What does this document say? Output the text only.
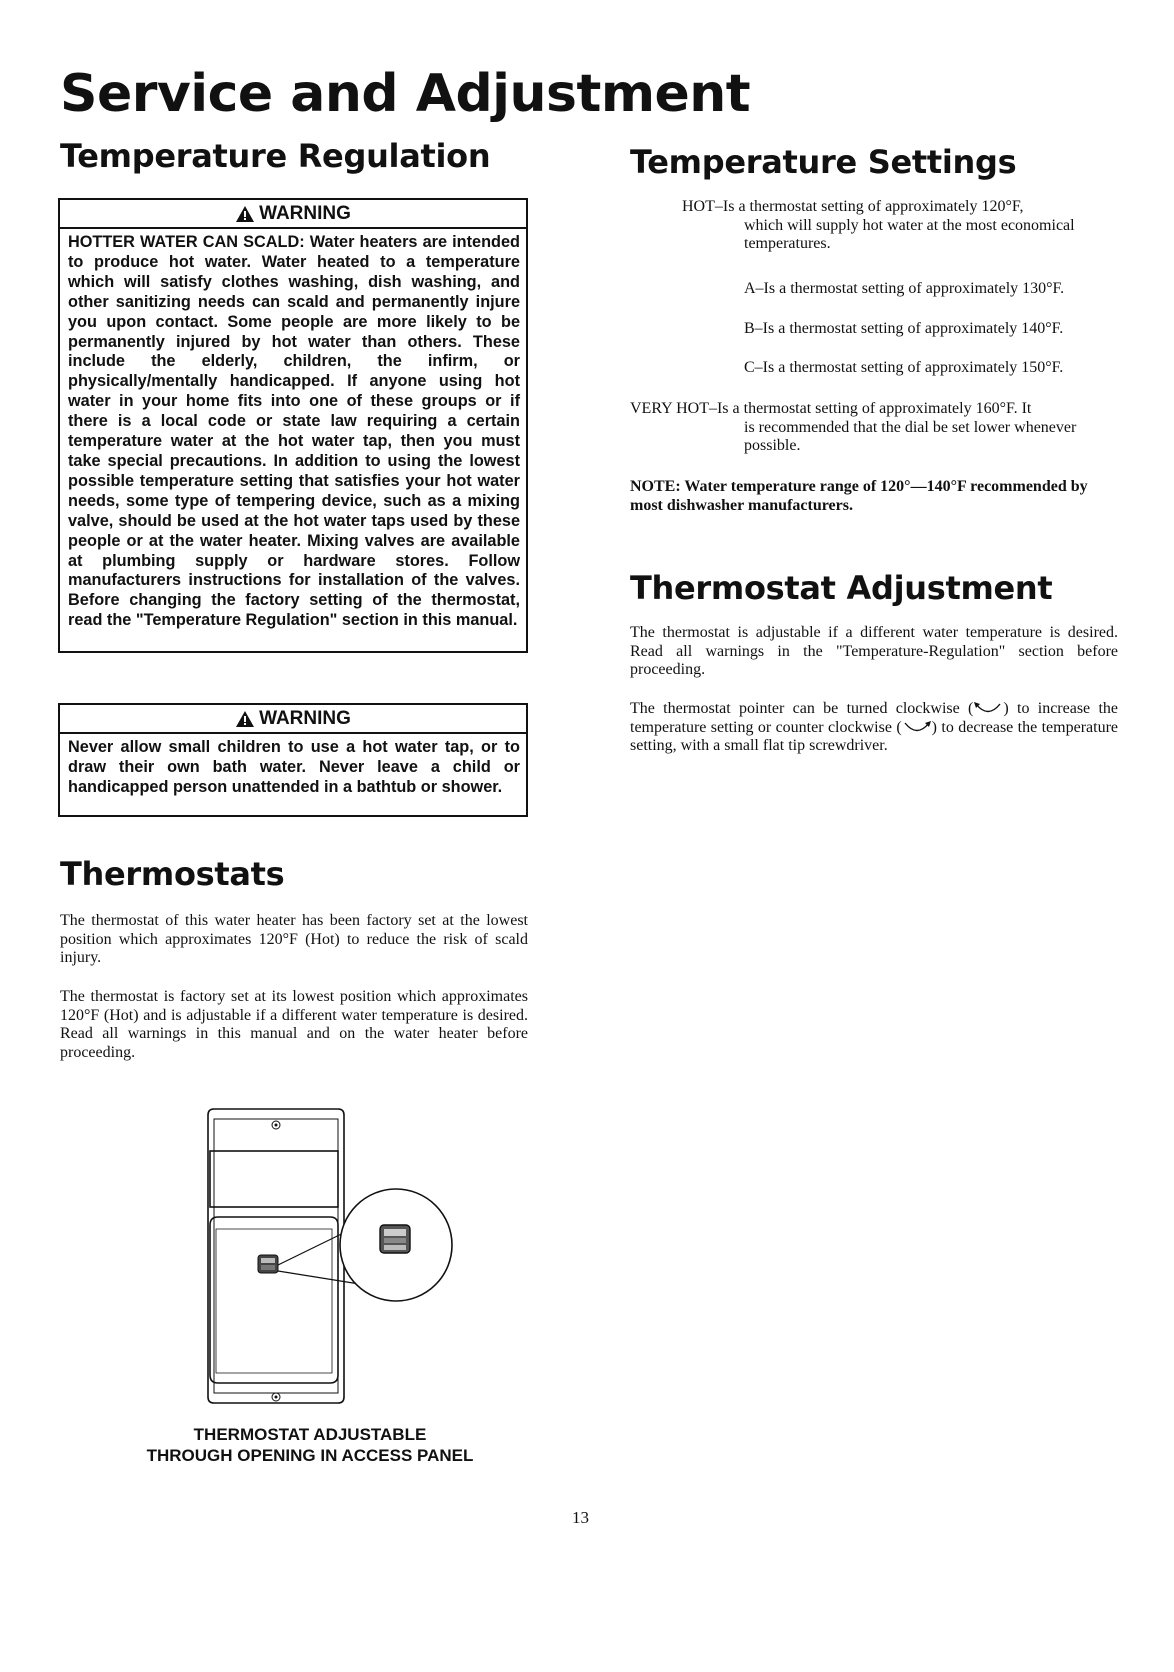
Service and Adjustment
Temperature Regulation
WARNING

HOTTER WATER CAN SCALD: Water heaters are intended to produce hot water. Water heated to a temperature which will satisfy clothes washing, dish washing, and other sanitizing needs can scald and permanently injure you upon contact. Some people are more likely to be permanently injured by hot water than others. These include the elderly, children, the infirm, or physically/mentally handicapped. If anyone using hot water in your home fits into one of these groups or if there is a local code or state law requiring a certain temperature water at the hot water tap, then you must take special precautions. In addition to using the lowest possible temperature setting that satisfies your hot water needs, some type of tempering device, such as a mixing valve, should be used at the hot water taps used by these people or at the water heater. Mixing valves are available at plumbing supply or hardware stores. Follow manufacturers instructions for installation of the valves. Before changing the factory setting of the thermostat, read the "Temperature Regulation" section in this manual.

WARNING

Never allow small children to use a hot water tap, or to draw their own bath water. Never leave a child or handicapped person unattended in a bathtub or shower.

Thermostats

The thermostat of this water heater has been factory set at the lowest position which approximates 120°F (Hot) to reduce the risk of scald injury.

The thermostat is factory set at its lowest position which approximates 120°F (Hot) and is adjustable if a different water temperature is desired. Read all warnings in this manual and on the water heater before proceeding.

THERMOSTAT ADJUSTABLE

THROUGH OPENING IN ACCESS PANEL

Temperature Settings
HOT–Is a thermostat setting of approximately 120°F,
which will supply hot water at the most economical temperatures.

A–Is a thermostat setting of approximately 130°F.

B–Is a thermostat setting of approximately 140°F.

C–Is a thermostat setting of approximately 150°F.

VERY HOT–Is a thermostat setting of approximately 160°F. It
is recommended that the dial be set lower whenever possible.

NOTE: Water temperature range of 120°—140°F recommended by most dishwasher manufacturers.

Thermostat Adjustment

The thermostat is adjustable if a different water temperature is desired. Read all warnings in the "Temperature-Regulation" section before proceeding.

The thermostat pointer can be turned clockwise ( ) to increase the temperature setting or counter clockwise ( ) to decrease the temperature setting, with a small flat tip screwdriver.

13
